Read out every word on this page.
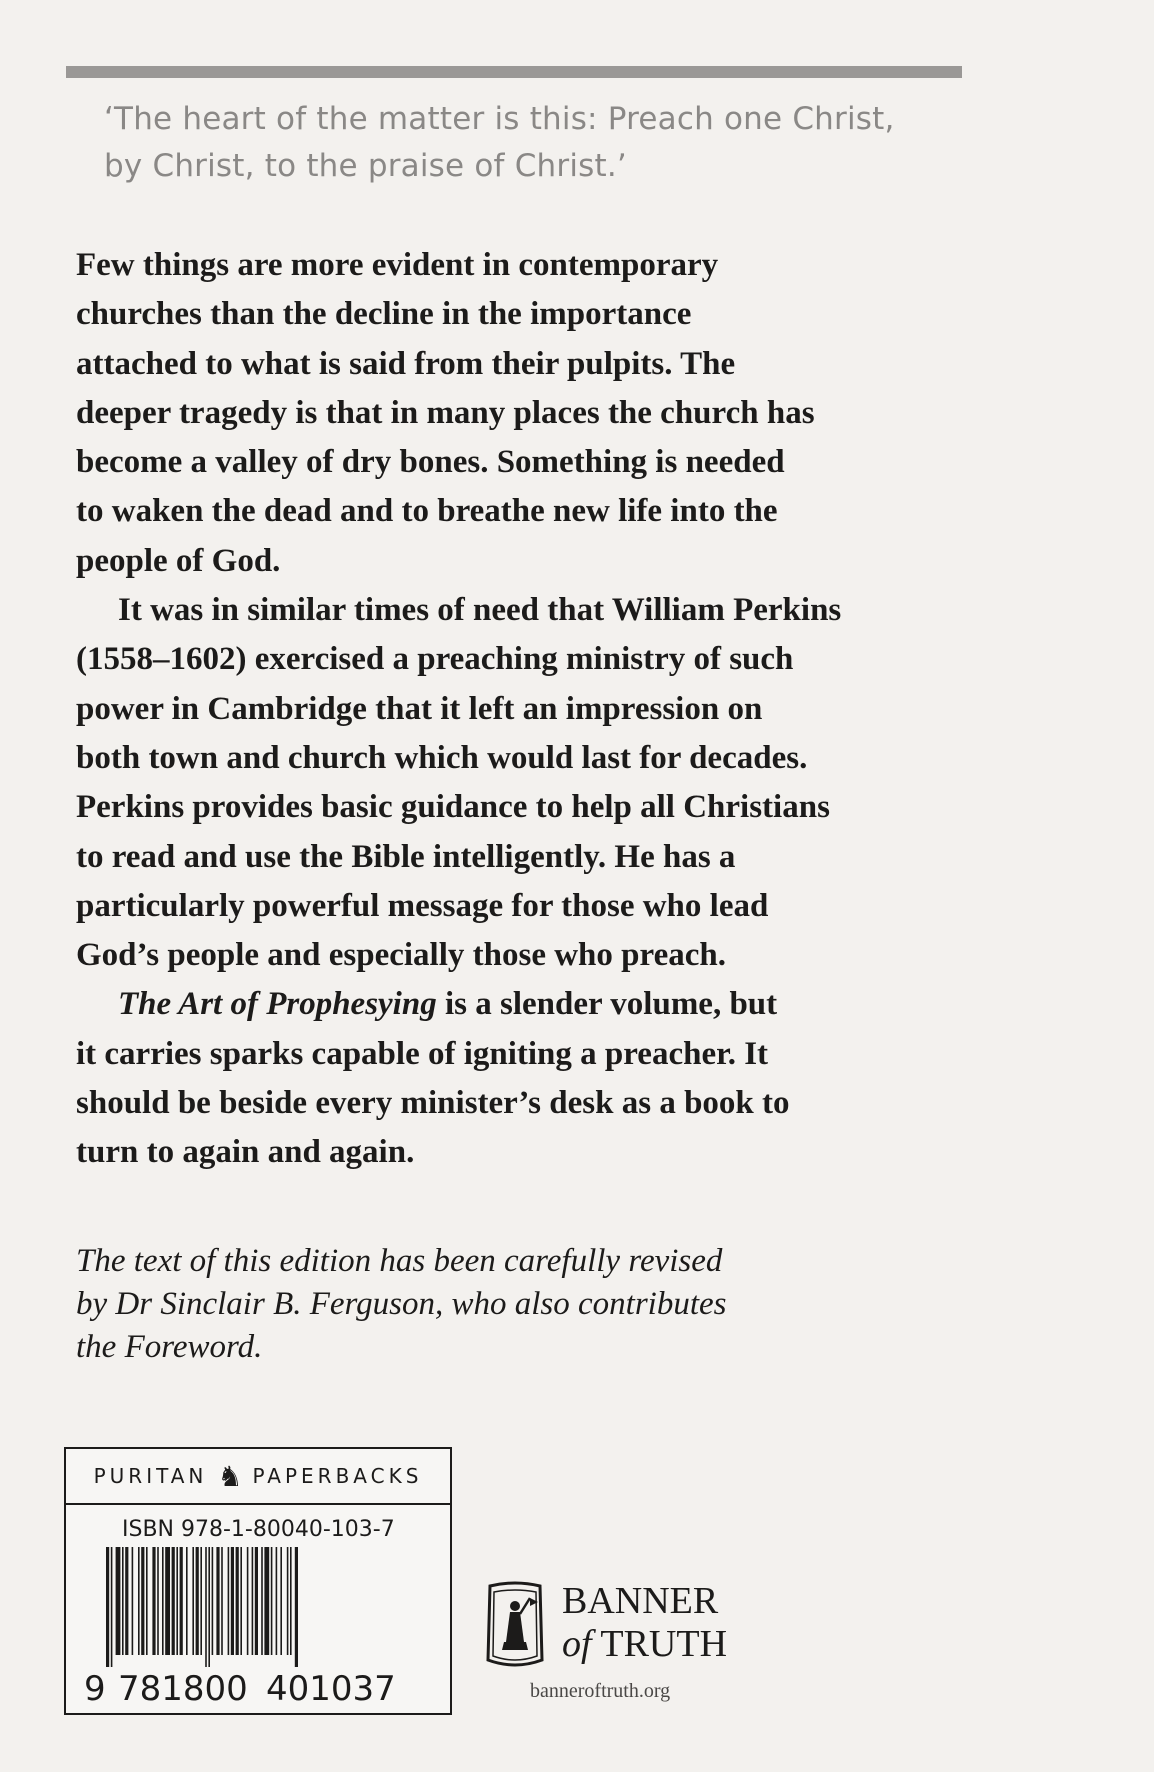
‘The heart of the matter is this: Preach one Christ,
by Christ, to the praise of Christ.’
Few things are more evident in contemporary
churches than the decline in the importance
attached to what is said from their pulpits. The
deeper tragedy is that in many places the church has
become a valley of dry bones. Something is needed
to waken the dead and to breathe new life into the
people of God.
It was in similar times of need that William Perkins
(1558–1602) exercised a preaching ministry of such
power in Cambridge that it left an impression on
both town and church which would last for decades.
Perkins provides basic guidance to help all Christians
to read and use the Bible intelligently. He has a
particularly powerful message for those who lead
God’s people and especially those who preach.
The Art of Prophesying is a slender volume, but
it carries sparks capable of igniting a preacher. It
should be beside every minister’s desk as a book to
turn to again and again.
The text of this edition has been carefully revised
by Dr Sinclair B. Ferguson, who also contributes
the Foreword.
PURITAN ♞ PAPERBACKS
ISBN 978-1-80040-103-7
9 781800 401037
BANNER
of TRUTH
banneroftruth.org
